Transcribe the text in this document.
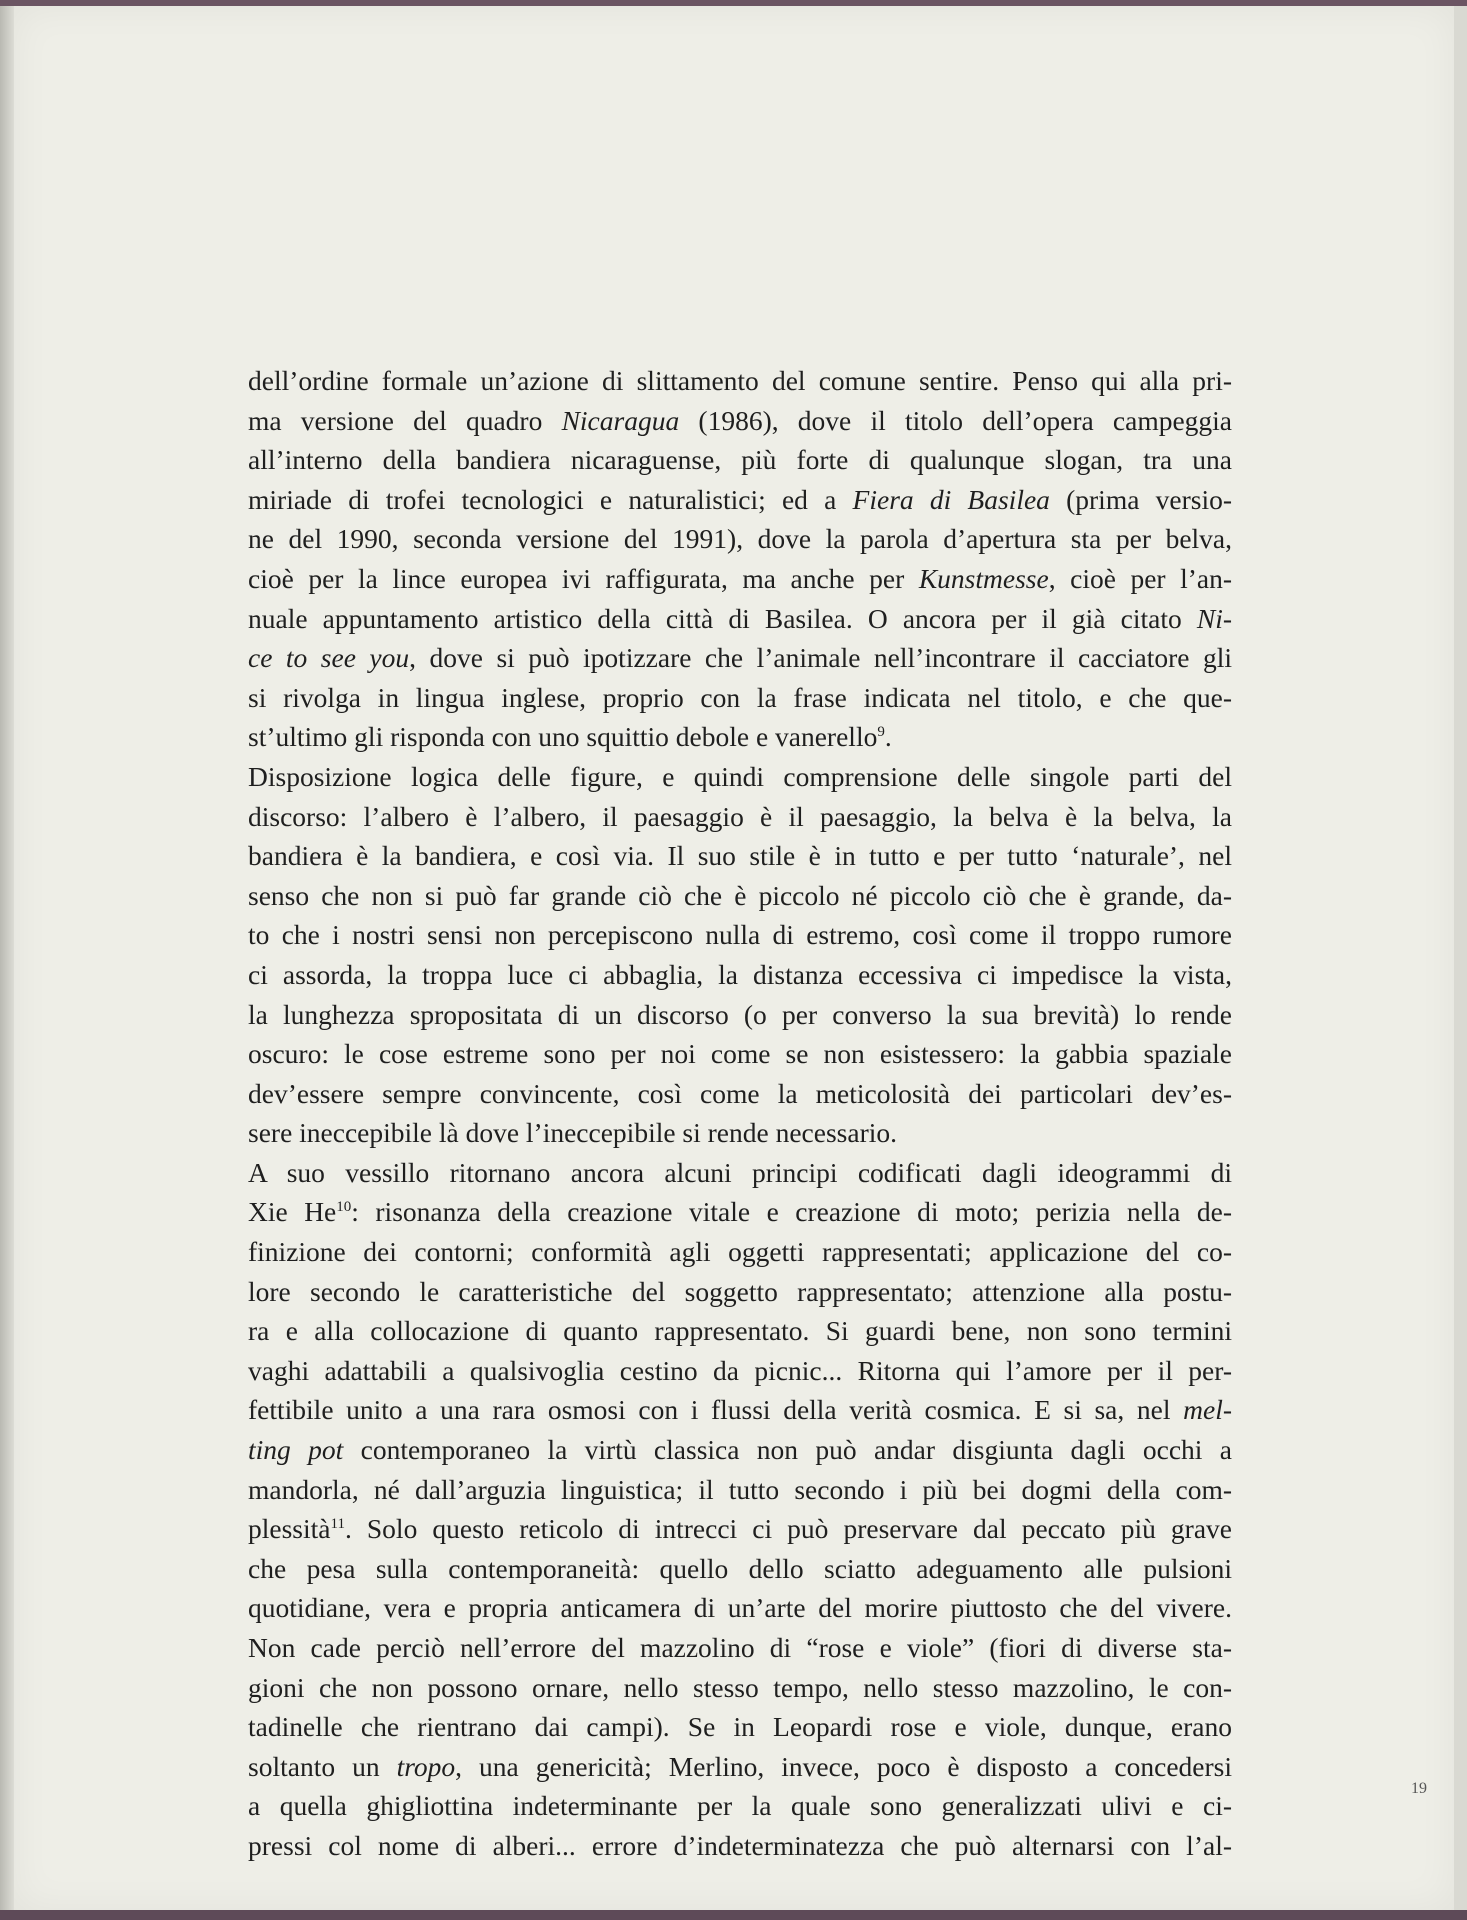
dell’ordine formale un’azione di slittamento del comune sentire. Penso qui alla pri-
ma versione del quadro Nicaragua (1986), dove il titolo dell’opera campeggia
all’interno della bandiera nicaraguense, più forte di qualunque slogan, tra una
miriade di trofei tecnologici e naturalistici; ed a Fiera di Basilea (prima versio-
ne del 1990, seconda versione del 1991), dove la parola d’apertura sta per belva,
cioè per la lince europea ivi raffigurata, ma anche per Kunstmesse, cioè per l’an-
nuale appuntamento artistico della città di Basilea. O ancora per il già citato Ni-
ce to see you, dove si può ipotizzare che l’animale nell’incontrare il cacciatore gli
si rivolga in lingua inglese, proprio con la frase indicata nel titolo, e che que-
st’ultimo gli risponda con uno squittio debole e vanerello$^9$.
Disposizione logica delle figure, e quindi comprensione delle singole parti del
discorso: l’albero è l’albero, il paesaggio è il paesaggio, la belva è la belva, la
bandiera è la bandiera, e così via. Il suo stile è in tutto e per tutto ‘naturale’, nel
senso che non si può far grande ciò che è piccolo né piccolo ciò che è grande, da-
to che i nostri sensi non percepiscono nulla di estremo, così come il troppo rumore
ci assorda, la troppa luce ci abbaglia, la distanza eccessiva ci impedisce la vista,
la lunghezza spropositata di un discorso (o per converso la sua brevità) lo rende
oscuro: le cose estreme sono per noi come se non esistessero: la gabbia spaziale
dev’essere sempre convincente, così come la meticolosità dei particolari dev’es-
sere ineccepibile là dove l’ineccepibile si rende necessario.
A suo vessillo ritornano ancora alcuni principi codificati dagli ideogrammi di
Xie He$^{10}$: risonanza della creazione vitale e creazione di moto; perizia nella de-
finizione dei contorni; conformità agli oggetti rappresentati; applicazione del co-
lore secondo le caratteristiche del soggetto rappresentato; attenzione alla postu-
ra e alla collocazione di quanto rappresentato. Si guardi bene, non sono termini
vaghi adattabili a qualsivoglia cestino da picnic... Ritorna qui l’amore per il per-
fettibile unito a una rara osmosi con i flussi della verità cosmica. E si sa, nel mel-
ting pot contemporaneo la virtù classica non può andar disgiunta dagli occhi a
mandorla, né dall’arguzia linguistica; il tutto secondo i più bei dogmi della com-
plessità$^{11}$. Solo questo reticolo di intrecci ci può preservare dal peccato più grave
che pesa sulla contemporaneità: quello dello sciatto adeguamento alle pulsioni
quotidiane, vera e propria anticamera di un’arte del morire piuttosto che del vivere.
Non cade perciò nell’errore del mazzolino di “rose e viole” (fiori di diverse sta-
gioni che non possono ornare, nello stesso tempo, nello stesso mazzolino, le con-
tadinelle che rientrano dai campi). Se in Leopardi rose e viole, dunque, erano
soltanto un tropo, una genericità; Merlino, invece, poco è disposto a concedersi
a quella ghigliottina indeterminante per la quale sono generalizzati ulivi e ci-
pressi col nome di alberi... errore d’indeterminatezza che può alternarsi con l’al-
19
